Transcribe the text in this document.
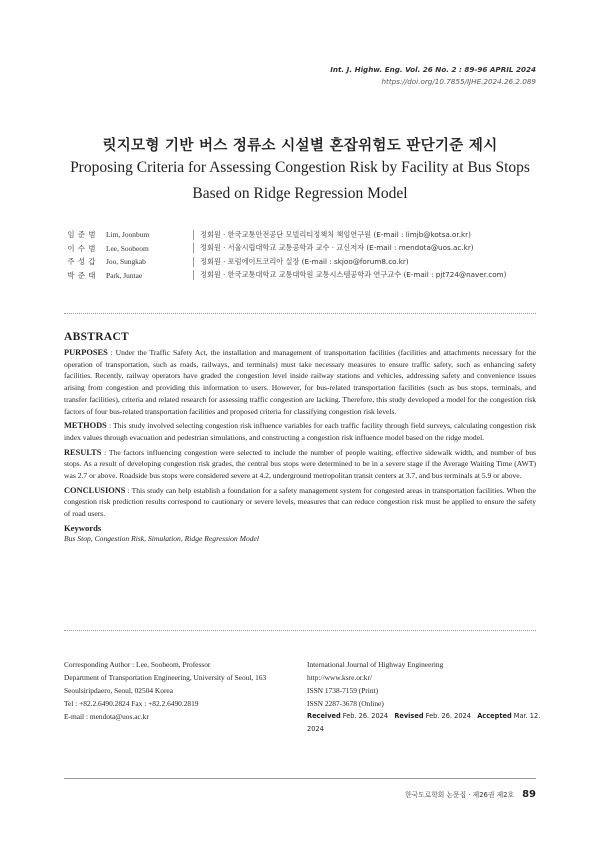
Int. J. Highw. Eng. Vol. 26 No. 2 : 89-96 APRIL 2024
https://doi.org/10.7855/IJHE.2024.26.2.089
릿지모형 기반 버스 정류소 시설별 혼잡위험도 판단기준 제시
Proposing Criteria for Assessing Congestion Risk by Facility at Bus Stops Based on Ridge Regression Model
임 준 범	Lim, Joonbum	정회원 · 한국교통안전공단 모빌리티정책처 책임연구원 (E-mail : limjb@kotsa.or.kr)
이 수 범	Lee, Soobeom	정회원 · 서울시립대학교 교통공학과 교수 · 교신저자 (E-mail : mendota@uos.ac.kr)
주 성 갑	Joo, Sungkab	정회원 · 포럼에이트코리아 실장 (E-mail : skjoo@forum8.co.kr)
박 준 태	Park, Juntae	정회원 · 한국교통대학교 교통대학원 교통시스템공학과 연구교수 (E-mail : pjt724@naver.com)
ABSTRACT

PURPOSES : Under the Traffic Safety Act, the installation and management of transportation facilities (facilities and attachments necessary for the operation of transportation, such as roads, railways, and terminals) must take necessary measures to ensure traffic safety, such as enhancing safety facilities. Recently, railway operators have graded the congestion level inside railway stations and vehicles, addressing safety and convenience issues arising from congestion and providing this information to users. However, for bus-related transportation facilities (such as bus stops, terminals, and transfer facilities), criteria and related research for assessing traffic congestion are lacking. Therefore, this study developed a model for the congestion risk factors of four bus-related transportation facilities and proposed criteria for classifying congestion risk levels.

METHODS : This study involved selecting congestion risk influence variables for each traffic facility through field surveys, calculating congestion risk index values through evacuation and pedestrian simulations, and constructing a congestion risk influence model based on the ridge model.

RESULTS : The factors influencing congestion were selected to include the number of people waiting, effective sidewalk width, and number of bus stops. As a result of developing congestion risk grades, the central bus stops were determined to be in a severe stage if the Average Waiting Time (AWT) was 2.7 or above. Roadside bus stops were considered severe at 4.2, underground metropolitan transit centers at 3.7, and bus terminals at 5.9 or above.

CONCLUSIONS : This study can help establish a foundation for a safety management system for congested areas in transportation facilities. When the congestion risk prediction results correspond to cautionary or severe levels, measures that can reduce congestion risk must be applied to ensure the safety of road users.

Keywords
Bus Stop, Congestion Risk, Simulation, Ridge Regression Model
Corresponding Author : Lee, Soobeom, Professor
Department of Transportation Engineering, University of Seoul, 163
Seoulsiripdaero, Seoul, 02504 Korea
Tel : +82.2.6490.2824 Fax : +82.2.6490.2819
E-mail : mendota@uos.ac.kr
International Journal of Highway Engineering
http://www.ksre.or.kr/
ISSN 1738-7159 (Print)
ISSN 2287-3678 (Online)
Received Feb. 26. 2024 Revised Feb. 26. 2024 Accepted Mar. 12. 2024
한국도로학회 논문집 · 제26권 제2호 89
